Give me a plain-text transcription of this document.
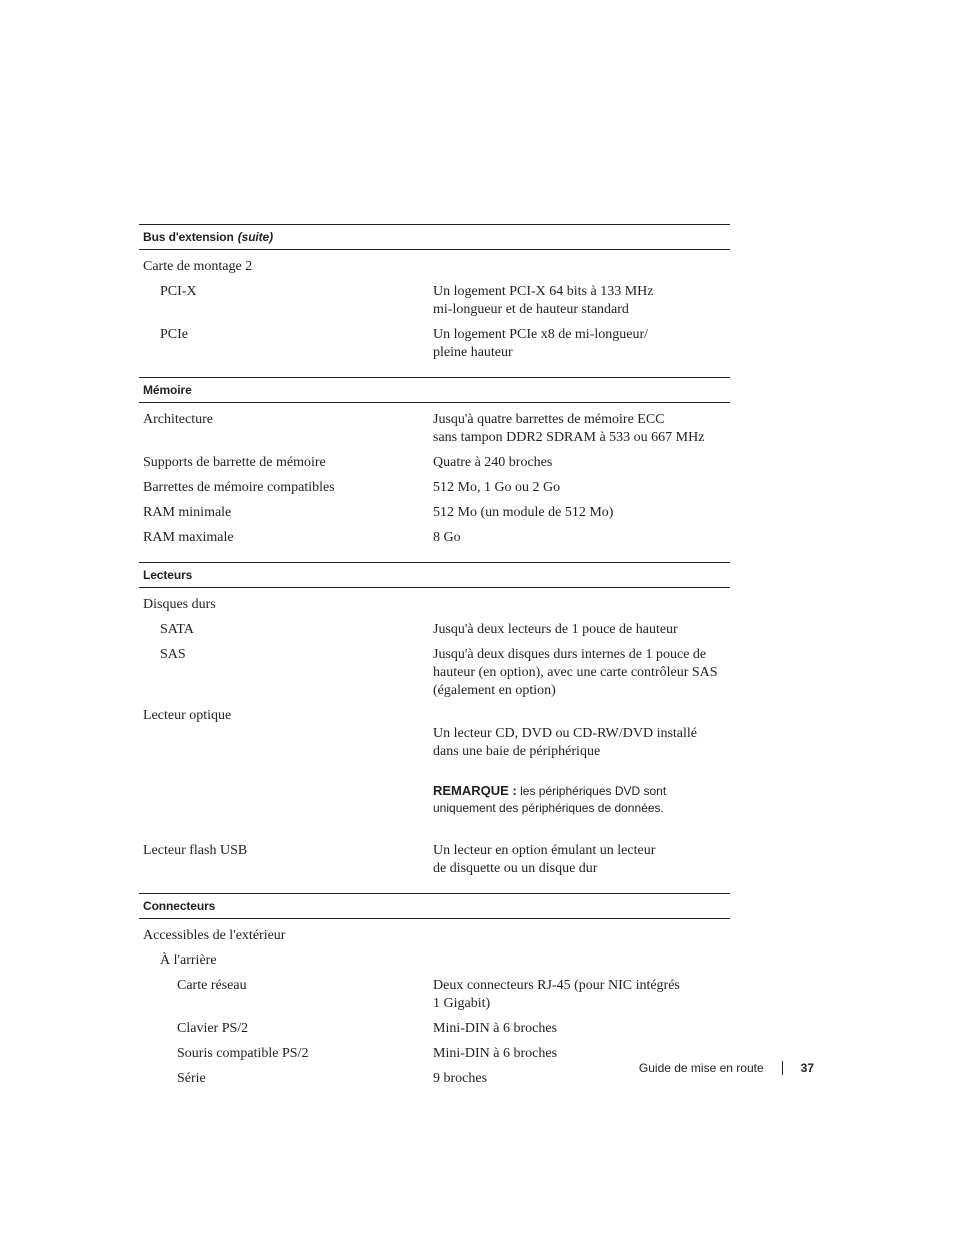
Bus d'extension (suite)
Carte de montage 2
PCI-X	Un logement PCI-X 64 bits à 133 MHz
mi-longueur et de hauteur standard
PCIe	Un logement PCIe x8 de mi-longueur/
pleine hauteur
Mémoire
Architecture	Jusqu'à quatre barrettes de mémoire ECC
sans tampon DDR2 SDRAM à 533 ou 667 MHz
Supports de barrette de mémoire	Quatre à 240 broches
Barrettes de mémoire compatibles	512 Mo, 1 Go ou 2 Go
RAM minimale	512 Mo (un module de 512 Mo)
RAM maximale	8 Go
Lecteurs
Disques durs
SATA	Jusqu'à deux lecteurs de 1 pouce de hauteur
SAS	Jusqu'à deux disques durs internes de 1 pouce de
hauteur (en option), avec une carte contrôleur SAS
(également en option)
Lecteur optique

Un lecteur CD, DVD ou CD-RW/DVD installé
dans une baie de périphérique

REMARQUE : les périphériques DVD sont uniquement des périphériques de données.

Lecteur flash USB	Un lecteur en option émulant un lecteur
de disquette ou un disque dur
Connecteurs
Accessibles de l'extérieur
À l'arrière
Carte réseau	Deux connecteurs RJ-45 (pour NIC intégrés
1 Gigabit)
Clavier PS/2	Mini-DIN à 6 broches
Souris compatible PS/2	Mini-DIN à 6 broches
Série	9 broches
Guide de mise en route	37
